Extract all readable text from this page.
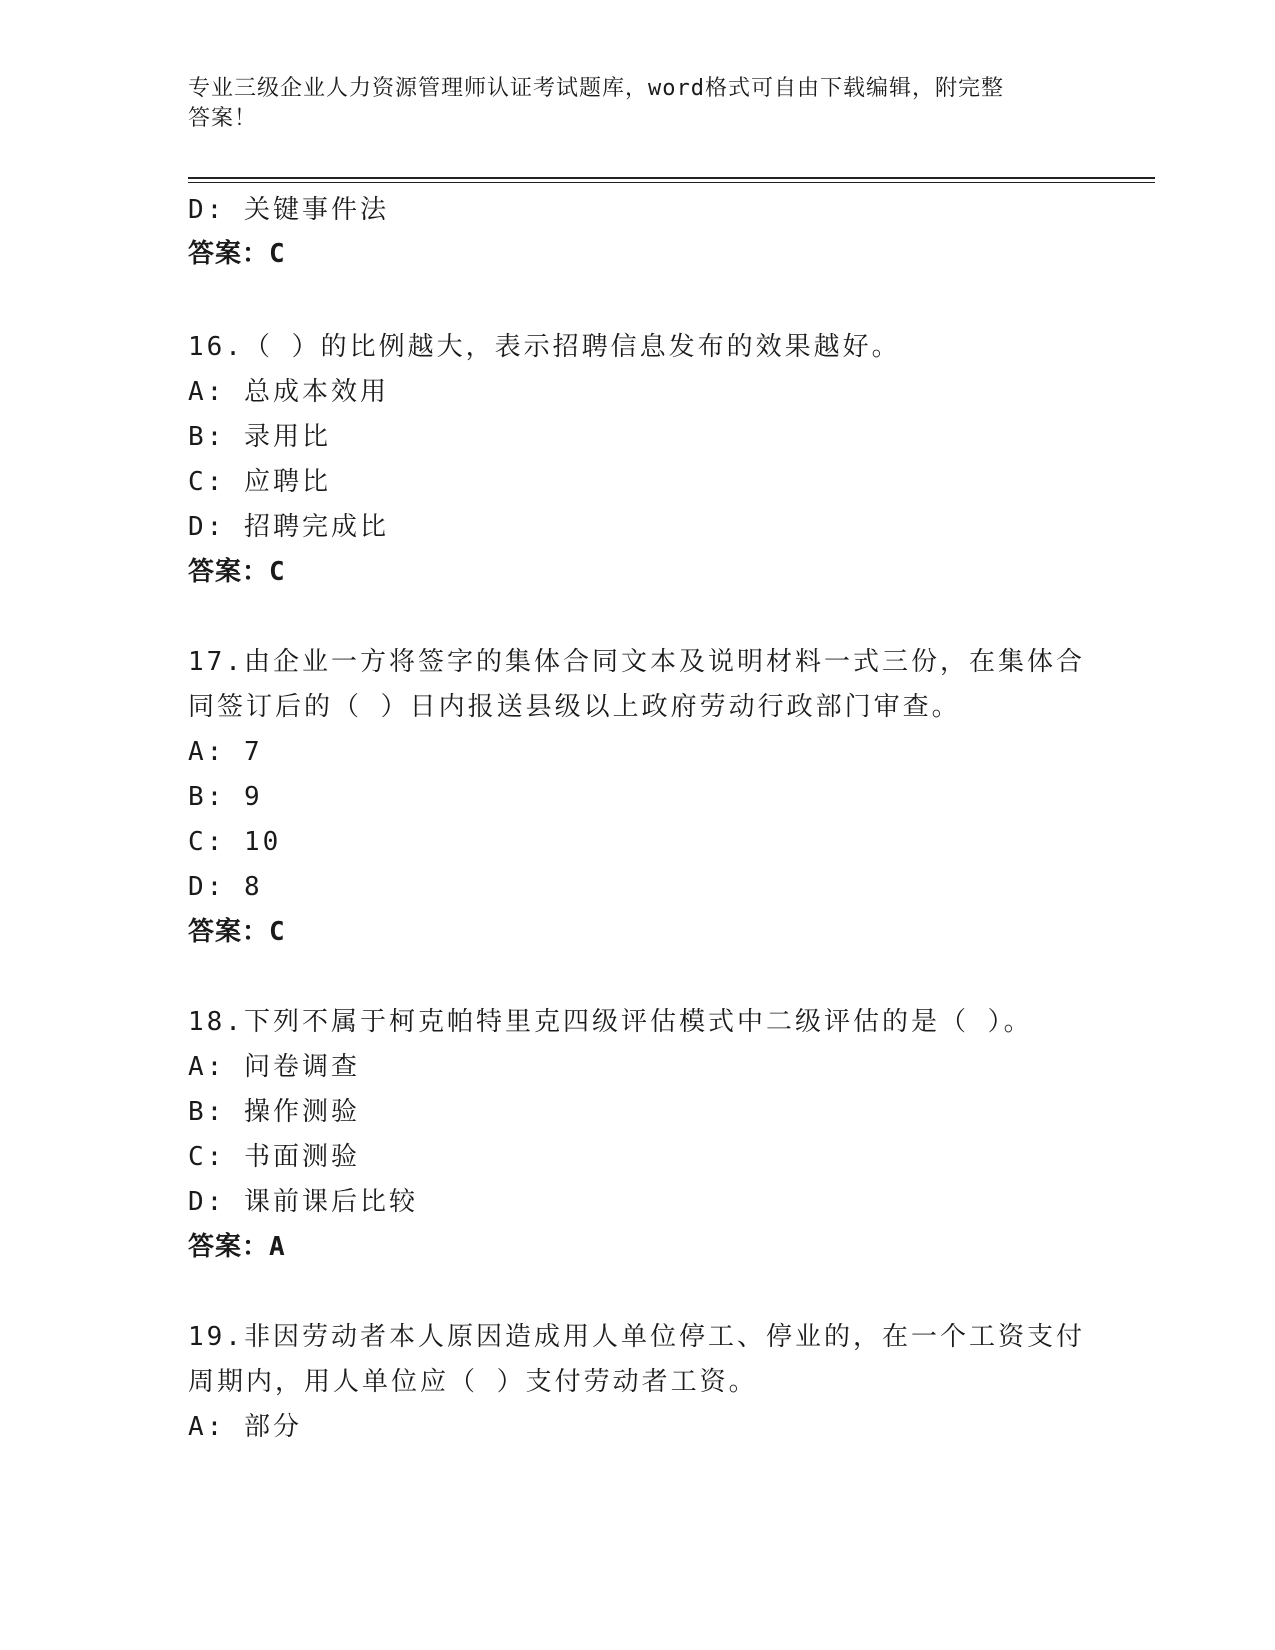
专业三级企业人力资源管理师认证考试题库，word格式可自由下载编辑，附完整
答案！
D: 关键事件法
答案：C
16.（ ）的比例越大，表示招聘信息发布的效果越好。
A: 总成本效用
B: 录用比
C: 应聘比
D: 招聘完成比
答案：C
17.由企业一方将签字的集体合同文本及说明材料一式三份，在集体合
同签订后的（ ）日内报送县级以上政府劳动行政部门审查。
A: 7
B: 9
C: 10
D: 8
答案：C
18.下列不属于柯克帕特里克四级评估模式中二级评估的是（ ）。
A: 问卷调查
B: 操作测验
C: 书面测验
D: 课前课后比较
答案：A
19.非因劳动者本人原因造成用人单位停工、停业的，在一个工资支付
周期内，用人单位应（ ）支付劳动者工资。
A: 部分
